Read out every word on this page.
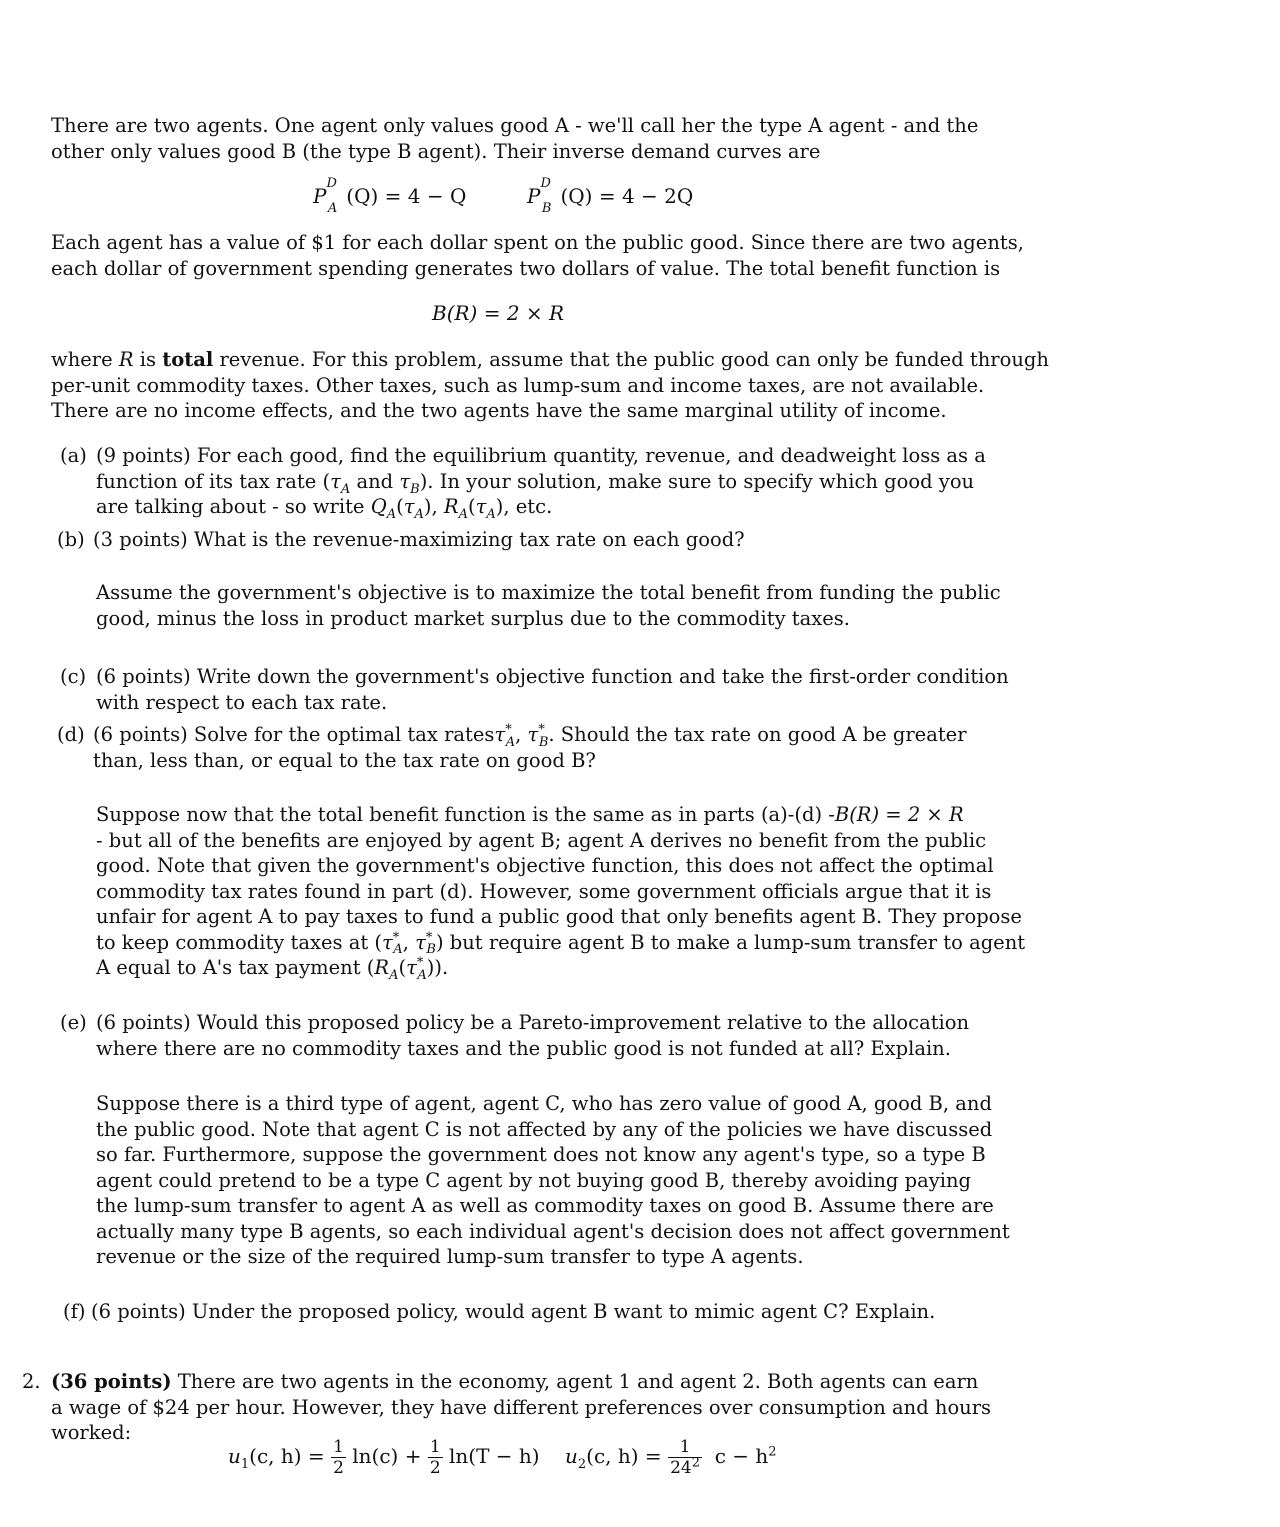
There are two agents. One agent only values good A - we'll call her the type A agent - and the
other only values good B (the type B agent). Their inverse demand curves are
$P^D_A(Q) = 4 - Q$	$P^D_B(Q) = 4 - 2Q$
Each agent has a value of $1 for each dollar spent on the public good. Since there are two agents,
each dollar of government spending generates two dollars of value. The total benefit function is
B(R) = 2 × R
where R is total revenue. For this problem, assume that the public good can only be funded through
per-unit commodity taxes. Other taxes, such as lump-sum and income taxes, are not available.
There are no income effects, and the two agents have the same marginal utility of income.
(a) (9 points) For each good, find the equilibrium quantity, revenue, and deadweight loss as a
function of its tax rate ($\tau_A$ and $\tau_B$). In your solution, make sure to specify which good you
are talking about - so write $Q_A(\tau_A)$, $R_A(\tau_A)$, etc.
(b) (3 points) What is the revenue-maximizing tax rate on each good?
Assume the government's objective is to maximize the total benefit from funding the public
good, minus the loss in product market surplus due to the commodity taxes.
(c) (6 points) Write down the government's objective function and take the first-order condition
with respect to each tax rate.
(d) (6 points) Solve for the optimal tax ratesτ*$_A$, $\tau^*_B$. Should the tax rate on good A be greater
than, less than, or equal to the tax rate on good B?
Suppose now that the total benefit function is the same as in parts (a)-(d) -B(R) = 2 × R
- but all of the benefits are enjoyed by agent B; agent A derives no benefit from the public
good. Note that given the government's objective function, this does not affect the optimal
commodity tax rates found in part (d). However, some government officials argue that it is
unfair for agent A to pay taxes to fund a public good that only benefits agent B. They propose
to keep commodity taxes at ($\tau^*_A$, $\tau^*_B$) but require agent B to make a lump-sum transfer to agent
A equal to A's tax payment $(R_A(\tau^*_A))$.
(e) (6 points) Would this proposed policy be a Pareto-improvement relative to the allocation
where there are no commodity taxes and the public good is not funded at all? Explain.
Suppose there is a third type of agent, agent C, who has zero value of good A, good B, and
the public good. Note that agent C is not affected by any of the policies we have discussed
so far. Furthermore, suppose the government does not know any agent's type, so a type B
agent could pretend to be a type C agent by not buying good B, thereby avoiding paying
the lump-sum transfer to agent A as well as commodity taxes on good B. Assume there are
actually many type B agents, so each individual agent's decision does not affect government
revenue or the size of the required lump-sum transfer to type A agents.
(f) (6 points) Under the proposed policy, would agent B want to mimic agent C? Explain.
2. (36 points) There are two agents in the economy, agent 1 and agent 2. Both agents can earn
a wage of $24 per hour. However, they have different preferences over consumption and hours
worked:
$u_1(c$, $h) = \frac{1}{2} \ln(c) + \frac{1}{2} \ln(T - h)$ $u_2(c$, $h) = \frac{1}{24^2}$ $c - h^2$
